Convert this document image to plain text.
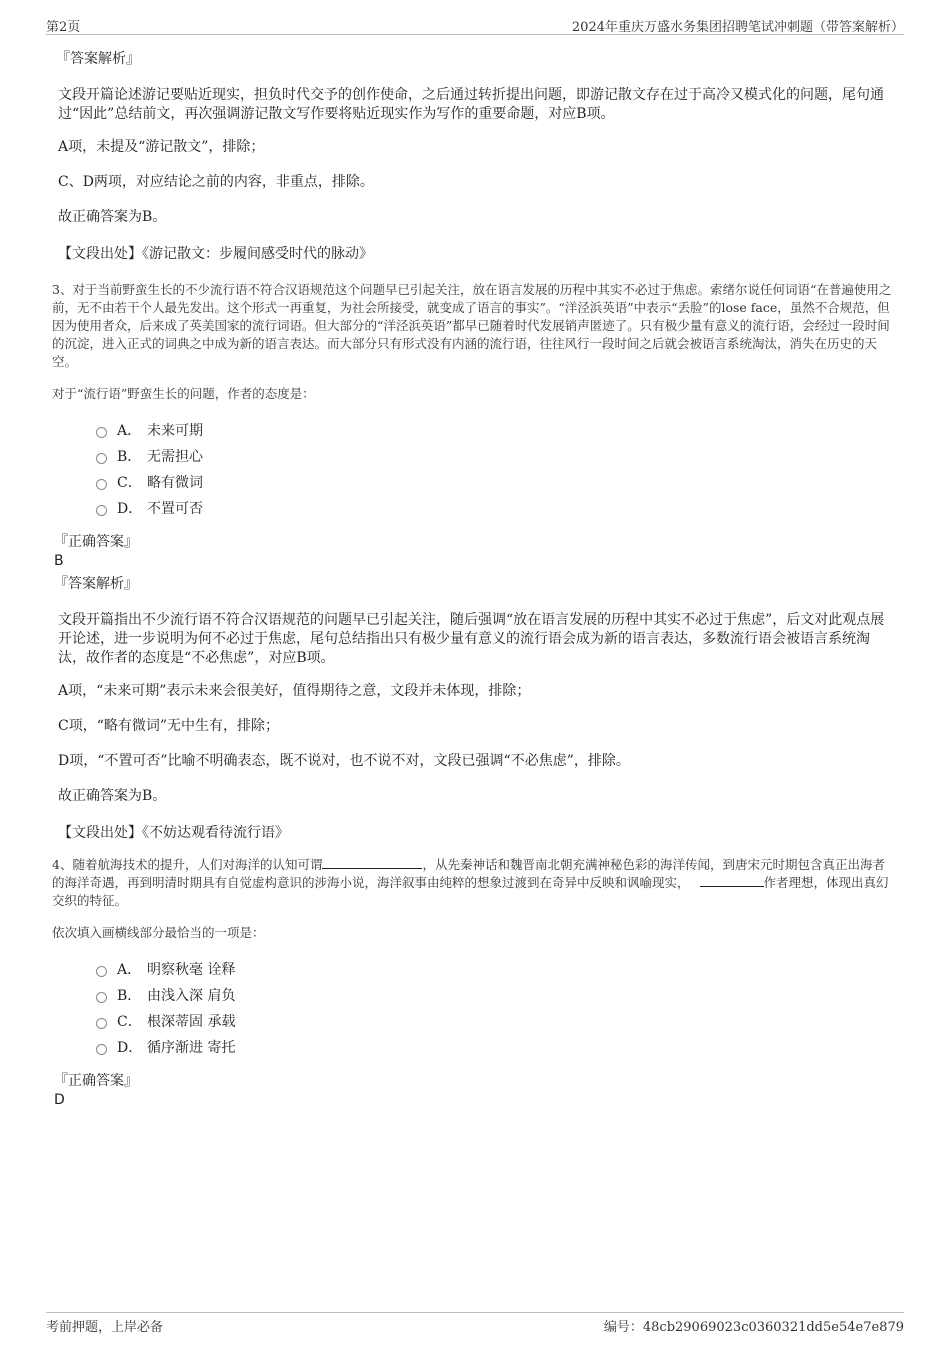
第2页	2024年重庆万盛水务集团招聘笔试冲刺题（带答案解析）
『答案解析』

文段开篇论述游记要贴近现实，担负时代交予的创作使命，之后通过转折提出问题，即游记散文存在过于高冷又模式化的问题，尾句通过“因此”总结前文，再次强调游记散文写作要将贴近现实作为写作的重要命题，对应B项。

A项，未提及“游记散文”，排除；

C、D两项，对应结论之前的内容，非重点，排除。

故正确答案为B。

【文段出处】《游记散文：步履间感受时代的脉动》

3、对于当前野蛮生长的不少流行语不符合汉语规范这个问题早已引起关注，放在语言发展的历程中其实不必过于焦虑。索绪尔说任何词语“在普遍使用之前，无不由若干个人最先发出。这个形式一再重复，为社会所接受，就变成了语言的事实”。“洋泾浜英语”中表示“丢脸”的lose face，虽然不合规范，但因为使用者众，后来成了英美国家的流行词语。但大部分的“洋泾浜英语”都早已随着时代发展销声匿迹了。只有极少量有意义的流行语，会经过一段时间的沉淀，进入正式的词典之中成为新的语言表达。而大部分只有形式没有内涵的流行语，往往风行一段时间之后就会被语言系统淘汰，消失在历史的天空。

对于“流行语”野蛮生长的问题，作者的态度是：

A． 未来可期
B． 无需担心
C． 略有微词
D． 不置可否
『正确答案』
B
『答案解析』

文段开篇指出不少流行语不符合汉语规范的问题早已引起关注，随后强调“放在语言发展的历程中其实不必过于焦虑”，后文对此观点展开论述，进一步说明为何不必过于焦虑，尾句总结指出只有极少量有意义的流行语会成为新的语言表达，多数流行语会被语言系统淘汰，故作者的态度是“不必焦虑”，对应B项。

A项，“未来可期”表示未来会很美好，值得期待之意，文段并未体现，排除；

C项，“略有微词”无中生有，排除；

D项，“不置可否”比喻不明确表态，既不说对，也不说不对，文段已强调“不必焦虑”，排除。

故正确答案为B。

【文段出处】《不妨达观看待流行语》

4、随着航海技术的提升，人们对海洋的认知可谓	，从先秦神话和魏晋南北朝充满神秘色彩的海洋传闻，到唐宋元时期包含真正出海者的海洋奇遇，再到明清时期具有自觉虚构意识的涉海小说，海洋叙事由纯粹的想象过渡到在奇异中反映和讽喻现实，	作者理想，体现出真幻交织的特征。

依次填入画横线部分最恰当的一项是：

A． 明察秋毫 诠释
B． 由浅入深 肩负
C． 根深蒂固 承载
D． 循序渐进 寄托
『正确答案』
D
考前押题，上岸必备	编号：48cb29069023c0360321dd5e54e7e879
